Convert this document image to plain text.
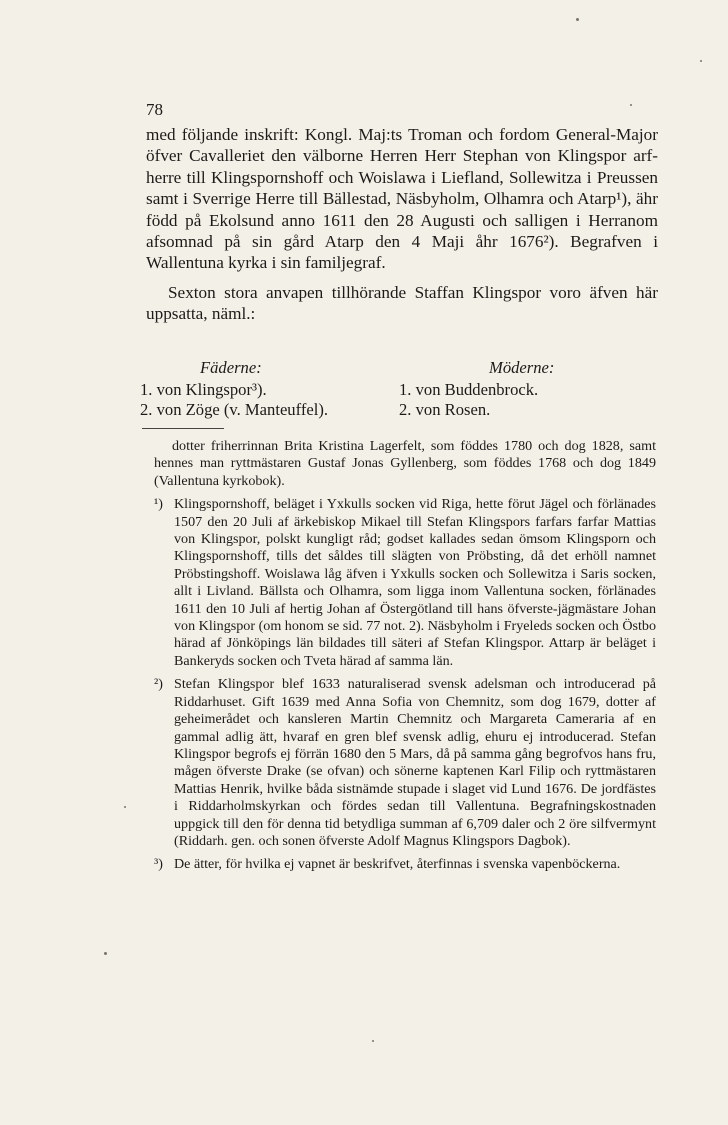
78

med följande inskrift: Kongl. Maj:ts Troman och fordom General-Major öfver Cavalleriet den välborne Herren Herr Stephan von Klingspor arf-herre till Klingspornshoff och Woislawa i Liefland, Sollewitza i Preussen samt i Sverrige Herre till Bällestad, Näsbyholm, Olhamra och Atarp¹), ähr född på Ekolsund anno 1611 den 28 Augusti och salligen i Herranom afsomnad på sin gård Atarp den 4 Maji åhr 1676²). Begrafven i Wallentuna kyrka i sin familjegraf.

Sexton stora anvapen tillhörande Staffan Klingspor voro äfven här uppsatta, näml.:

Fäderne:
1. von Klingspor³).
2. von Zöge (v. Manteuffel).
Möderne:
1. von Buddenbrock.
2. von Rosen.

dotter friherrinnan Brita Kristina Lagerfelt, som föddes 1780 och dog 1828, samt hennes man ryttmästaren Gustaf Jonas Gyllenberg, som föddes 1768 och dog 1849 (Vallentuna kyrkobok).

¹) Klingspornshoff, beläget i Yxkulls socken vid Riga, hette förut Jägel och förlänades 1507 den 20 Juli af ärkebiskop Mikael till Stefan Klingspors farfars farfar Mattias von Klingspor, polskt kungligt råd; godset kallades sedan ömsom Klingsporn och Klingspornshoff, tills det såldes till slägten von Pröbsting, då det erhöll namnet Pröbstingshoff. Woislawa låg äfven i Yxkulls socken och Sollewitza i Saris socken, allt i Livland. Bällsta och Olhamra, som ligga inom Vallentuna socken, förlänades 1611 den 10 Juli af hertig Johan af Östergötland till hans öfverste-jägmästare Johan von Klingspor (om honom se sid. 77 not. 2). Näsbyholm i Fryeleds socken och Östbo härad af Jönköpings län bildades till säteri af Stefan Klingspor. Attarp är beläget i Bankeryds socken och Tveta härad af samma län.

²) Stefan Klingspor blef 1633 naturaliserad svensk adelsman och introducerad på Riddarhuset. Gift 1639 med Anna Sofia von Chemnitz, som dog 1679, dotter af geheimerådet och kansleren Martin Chemnitz och Margareta Cameraria af en gammal adlig ätt, hvaraf en gren blef svensk adlig, ehuru ej introducerad. Stefan Klingspor begrofs ej förrän 1680 den 5 Mars, då på samma gång begrofvos hans fru, mågen öfverste Drake (se ofvan) och sönerne kaptenen Karl Filip och ryttmästaren Mattias Henrik, hvilke båda sistnämde stupade i slaget vid Lund 1676. De jordfästes i Riddarholmskyrkan och fördes sedan till Vallentuna. Begrafningskostnaden uppgick till den för denna tid betydliga summan af 6,709 daler och 2 öre silfvermynt (Riddarh. gen. och sonen öfverste Adolf Magnus Klingspors Dagbok).

³) De ätter, för hvilka ej vapnet är beskrifvet, återfinnas i svenska vapenböckerna.
